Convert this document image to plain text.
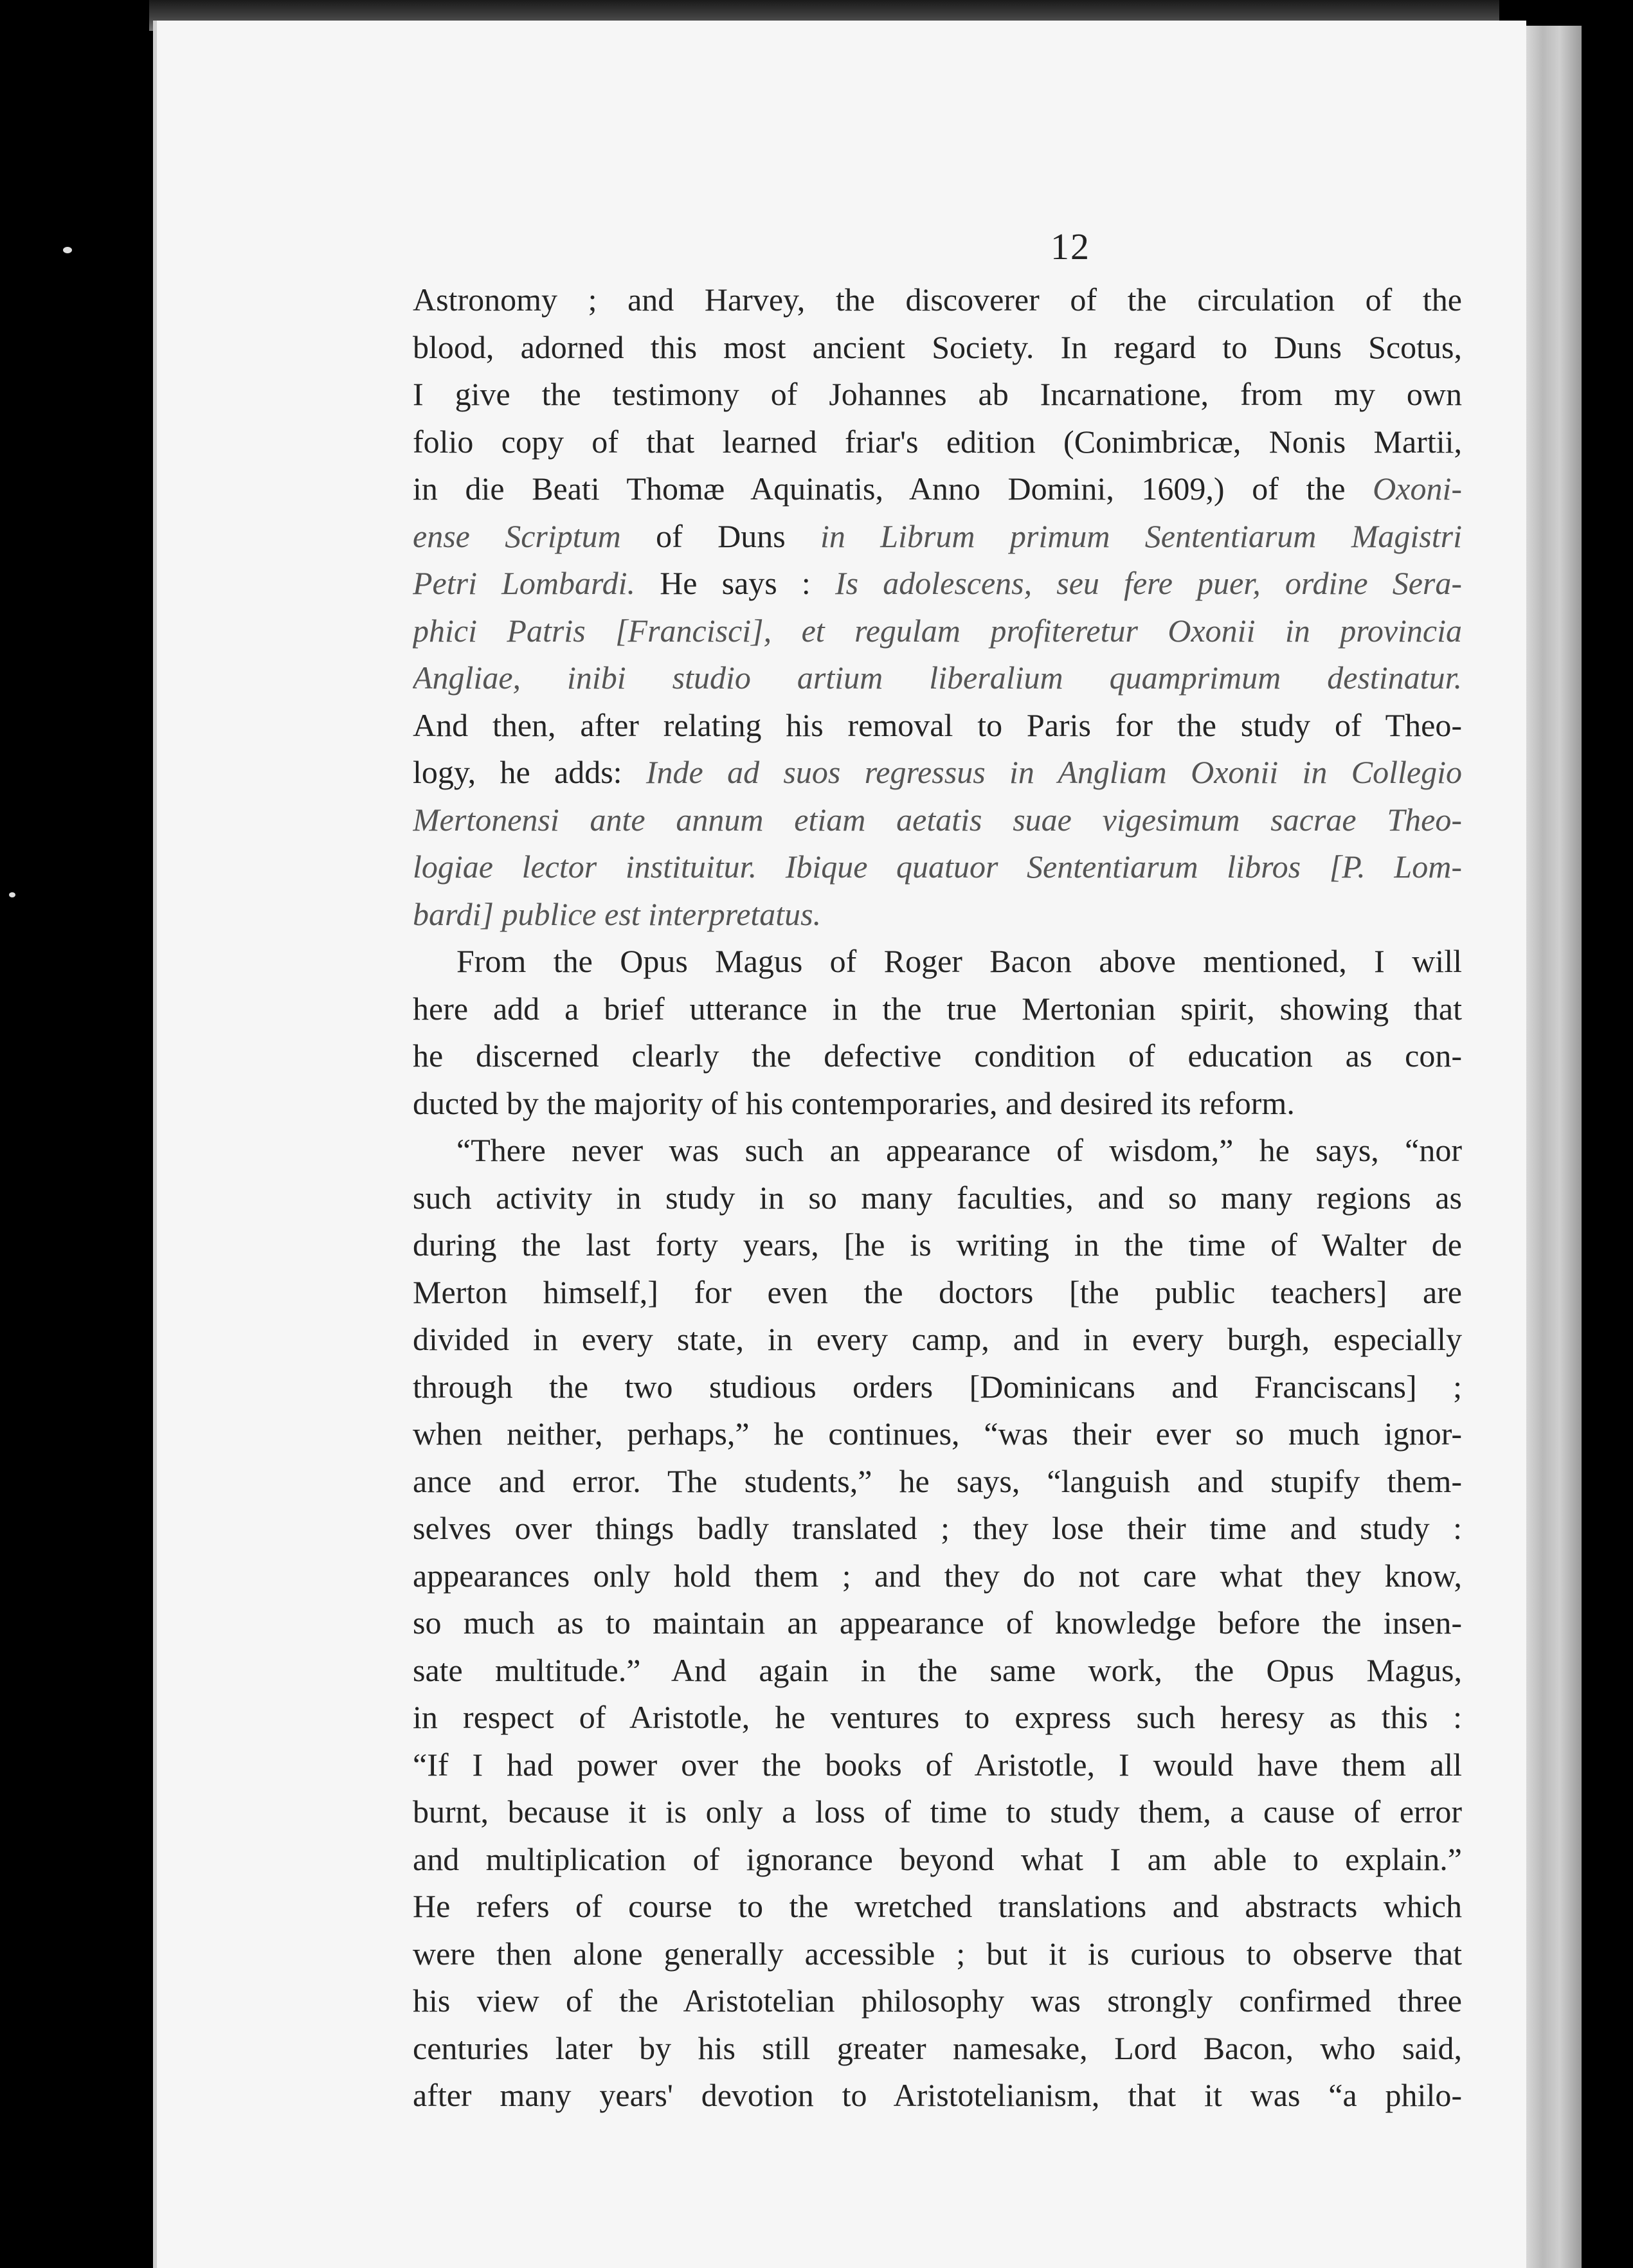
12
Astronomy ; and Harvey, the discoverer of the circulation of the
blood, adorned this most ancient Society. In regard to Duns Scotus,
I give the testimony of Johannes ab Incarnatione, from my own
folio copy of that learned friar's edition (Conimbricæ, Nonis Martii,
in die Beati Thomæ Aquinatis, Anno Domini, 1609,) of the Oxoni-
ense Scriptum of Duns in Librum primum Sententiarum Magistri
Petri Lombardi. He says : Is adolescens, seu fere puer, ordine Sera-
phici Patris [Francisci], et regulam profiteretur Oxonii in provincia
Angliae, inibi studio artium liberalium quamprimum destinatur.
And then, after relating his removal to Paris for the study of Theo-
logy, he adds: Inde ad suos regressus in Angliam Oxonii in Collegio
Mertonensi ante annum etiam aetatis suae vigesimum sacrae Theo-
logiae lector instituitur. Ibique quatuor Sententiarum libros [P. Lom-
bardi] publice est interpretatus.
From the Opus Magus of Roger Bacon above mentioned, I will
here add a brief utterance in the true Mertonian spirit, showing that
he discerned clearly the defective condition of education as con-
ducted by the majority of his contemporaries, and desired its reform.
“There never was such an appearance of wisdom,” he says, “nor
such activity in study in so many faculties, and so many regions as
during the last forty years, [he is writing in the time of Walter de
Merton himself,] for even the doctors [the public teachers] are
divided in every state, in every camp, and in every burgh, especially
through the two studious orders [Dominicans and Franciscans] ;
when neither, perhaps,” he continues, “was their ever so much ignor-
ance and error. The students,” he says, “languish and stupify them-
selves over things badly translated ; they lose their time and study :
appearances only hold them ; and they do not care what they know,
so much as to maintain an appearance of knowledge before the insen-
sate multitude.” And again in the same work, the Opus Magus,
in respect of Aristotle, he ventures to express such heresy as this :
“If I had power over the books of Aristotle, I would have them all
burnt, because it is only a loss of time to study them, a cause of error
and multiplication of ignorance beyond what I am able to explain.”
He refers of course to the wretched translations and abstracts which
were then alone generally accessible ; but it is curious to observe that
his view of the Aristotelian philosophy was strongly confirmed three
centuries later by his still greater namesake, Lord Bacon, who said,
after many years' devotion to Aristotelianism, that it was “a philo-
